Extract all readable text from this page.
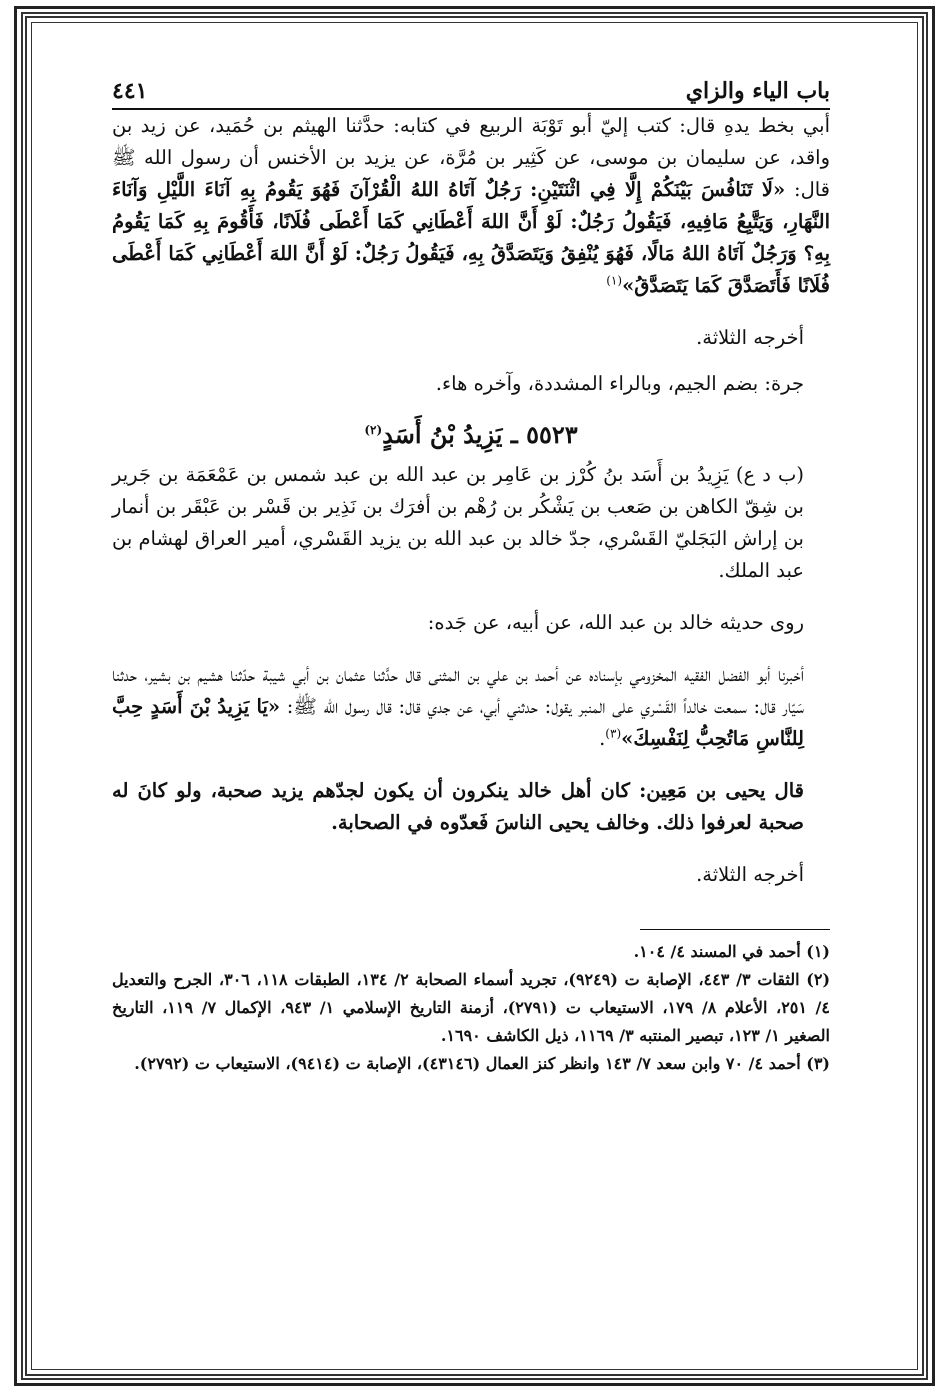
باب الياء والزاي
٤٤١

أبي بخط يدهِ قال: كتب إليّ أبو تَوْبَة الربيع في كتابه: حدَّثنا الهيثم بن حُمَيد، عن زيد بن واقد، عن سليمان بن موسى، عن كَثِير بن مُرَّة، عن يزيد بن الأخنس أن رسول الله ﷺ قال: «لَا تَنَافُسَ بَيْنَكُمْ إِلَّا فِي اثْنَتَيْنِ: رَجُلٌ آتَاهُ اللهُ الْقُرْآنَ فَهُوَ يَقُومُ بِهِ آنَاءَ اللَّيْلِ وَآنَاءَ النَّهَارِ، وَيَتَّبِعُ مَافِيهِ، فَيَقُولُ رَجُلٌ: لَوْ أَنَّ اللهَ أَعْطَانِي كَمَا أَعْطَى فُلَانًا، فَأَقُومَ بِهِ كَمَا يَقُومُ بِهِ؟ وَرَجُلٌ آتَاهُ اللهُ مَالًا، فَهُوَ يُنْفِقُ وَيَتَصَدَّقُ بِهِ، فَيَقُولُ رَجُلٌ: لَوْ أَنَّ اللهَ أَعْطَانِي كَمَا أَعْطَى فُلَانًا فَأَتَصَدَّقَ كَمَا يَتَصَدَّقُ»$^{(١)}$

أخرجه الثلاثة.

جرة: بضم الجيم، وبالراء المشددة، وآخره هاء.

٥٥٢٣ ـ يَزِيدُ بْنُ أَسَدٍ$^{(٢)}$

(ب د ع) يَزِيدُ بن أَسَد بنُ كُرْز بن عَامِر بن عبد الله بن عبد شمس بن عَمْعَمَة بن جَرير بن شِقّ الكاهن بن صَعب بن يَشْكُر بن رُهْم بن أفرَك بن نَذِير بن قَسْر بن عَبْقَر بن أنمار بن إراش البَجَليّ القَسْري، جدّ خالد بن عبد الله بن يزيد القَسْري، أمير العراق لهشام بن عبد الملك.

روى حديثه خالد بن عبد الله، عن أبيه، عن جَده:

أخبرنا أبو الفضل الفقيه المخزومي بإسناده عن أحمد بن علي بن المثنى قال حدَّثنا عثمان بن أبي شيبة حدّثنا هشيم بن بشير، حدثنا سَيّار قال: سمعت خالداً القَسْري على المنبر يقول: حدثني أبي، عن جدي قال: قال رسول الله ﷺ: «يَا يَزِيدُ بْنَ أَسَدٍ حِبَّ لِلنَّاسِ مَاتُحِبُّ لِنَفْسِكَ»$^{(٣)}$.

قال يحيى بن مَعِين: كان أهل خالد ينكرون أن يكون لجدّهم يزيد صحبة، ولو كانَ له صحبة لعرفوا ذلك. وخالف يحيى الناسَ فَعدّوه في الصحابة.

أخرجه الثلاثة.

(١) أحمد في المسند ٤/ ١٠٤.

(٢) الثقات ٣/ ٤٤٣، الإصابة ت (٩٢٤٩)، تجريد أسماء الصحابة ٢/ ١٣٤، الطبقات ١١٨، ٣٠٦، الجرح والتعديل ٤/ ٢٥١، الأعلام ٨/ ١٧٩، الاستيعاب ت (٢٧٩١)، أزمنة التاريخ الإسلامي ١/ ٩٤٣، الإكمال ٧/ ١١٩، التاريخ الصغير ١/ ١٢٣، تبصير المنتبه ٣/ ١١٦٩، ذيل الكاشف ١٦٩٠.

(٣) أحمد ٤/ ٧٠ وابن سعد ٧/ ١٤٣ وانظر كنز العمال (٤٣١٤٦)، الإصابة ت (٩٤١٤)، الاستيعاب ت (٢٧٩٢).
